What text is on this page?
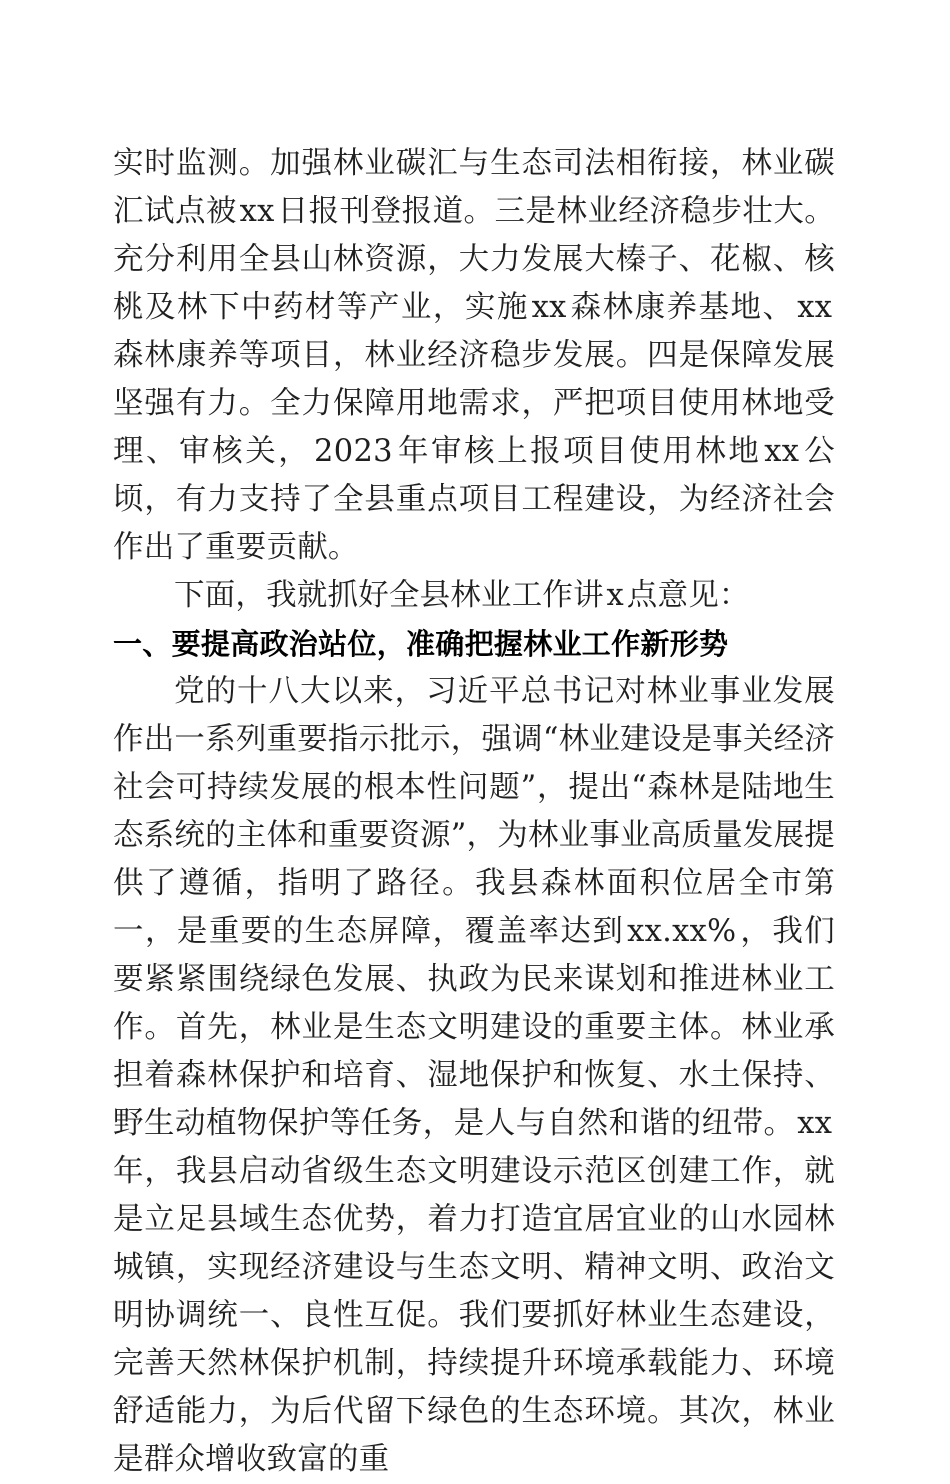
实时监测。加强林业碳汇与生态司法相衔接，林业碳汇试点被xx日报刊登报道。三是林业经济稳步壮大。充分利用全县山林资源，大力发展大榛子、花椒、核桃及林下中药材等产业，实施xx森林康养基地、xx森林康养等项目，林业经济稳步发展。四是保障发展坚强有力。全力保障用地需求，严把项目使用林地受理、审核关，2023年审核上报项目使用林地xx公顷，有力支持了全县重点项目工程建设，为经济社会作出了重要贡献。

下面，我就抓好全县林业工作讲x点意见：

一、要提高政治站位，准确把握林业工作新形势

党的十八大以来，习近平总书记对林业事业发展作出一系列重要指示批示，强调“林业建设是事关经济社会可持续发展的根本性问题”，提出“森林是陆地生态系统的主体和重要资源”，为林业事业高质量发展提供了遵循，指明了路径。我县森林面积位居全市第一，是重要的生态屏障，覆盖率达到xx.xx%，我们要紧紧围绕绿色发展、执政为民来谋划和推进林业工作。首先，林业是生态文明建设的重要主体。林业承担着森林保护和培育、湿地保护和恢复、水土保持、野生动植物保护等任务，是人与自然和谐的纽带。xx年，我县启动省级生态文明建设示范区创建工作，就是立足县域生态优势，着力打造宜居宜业的山水园林城镇，实现经济建设与生态文明、精神文明、政治文明协调统一、良性互促。我们要抓好林业生态建设，完善天然林保护机制，持续提升环境承载能力、环境舒适能力，为后代留下绿色的生态环境。其次，林业是群众增收致富的重
